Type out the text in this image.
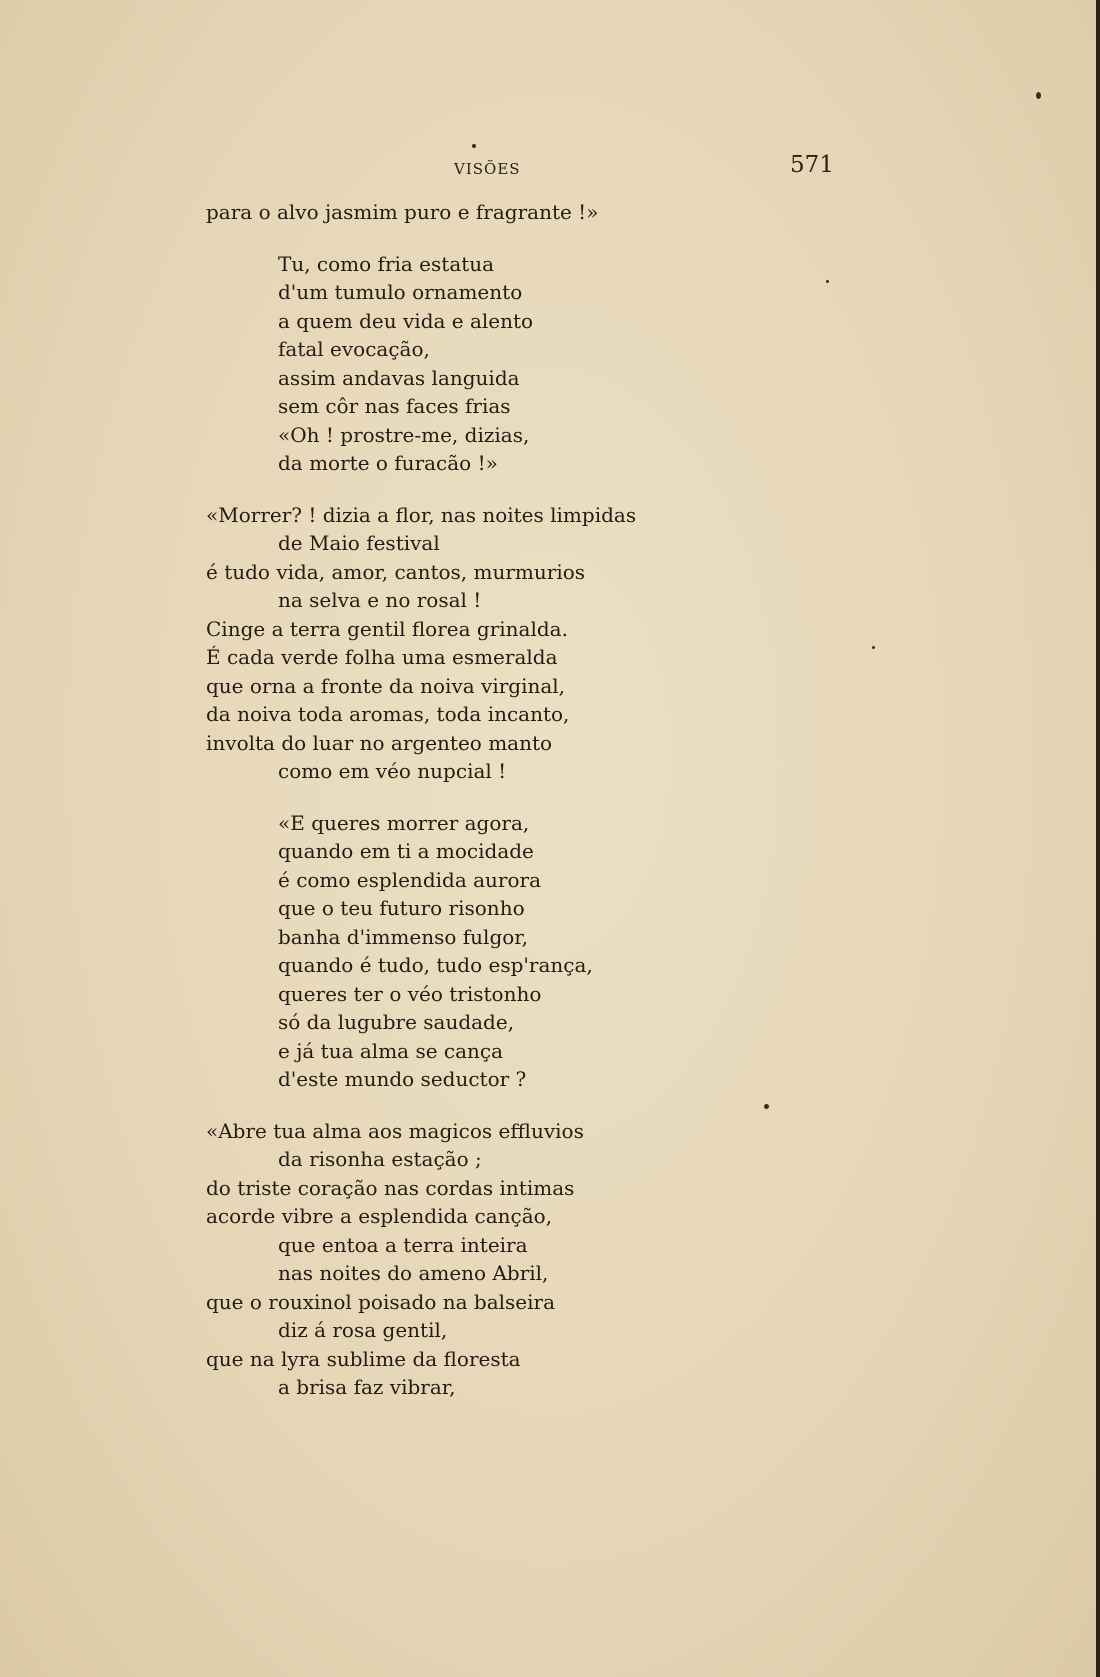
VISÕES	571
para o alvo jasmim puro e fragrante !»
Tu, como fria estatua
d'um tumulo ornamento
a quem deu vida e alento
fatal evocação,
assim andavas languida
sem côr nas faces frias
«Oh ! prostre-me, dizias,
da morte o furacão !»
«Morrer? ! dizia a flor, nas noites limpidas
de Maio festival
é tudo vida, amor, cantos, murmurios
na selva e no rosal !
Cinge a terra gentil florea grinalda.
É cada verde folha uma esmeralda
que orna a fronte da noiva virginal,
da noiva toda aromas, toda incanto,
involta do luar no argenteo manto
como em véo nupcial !
«E queres morrer agora,
quando em ti a mocidade
é como esplendida aurora
que o teu futuro risonho
banha d'immenso fulgor,
quando é tudo, tudo esp'rança,
queres ter o véo tristonho
só da lugubre saudade,
e já tua alma se cança
d'este mundo seductor ?
«Abre tua alma aos magicos effluvios
da risonha estação ;
do triste coração nas cordas intimas
acorde vibre a esplendida canção,
que entoa a terra inteira
nas noites do ameno Abril,
que o rouxinol poisado na balseira
diz á rosa gentil,
que na lyra sublime da floresta
a brisa faz vibrar,
